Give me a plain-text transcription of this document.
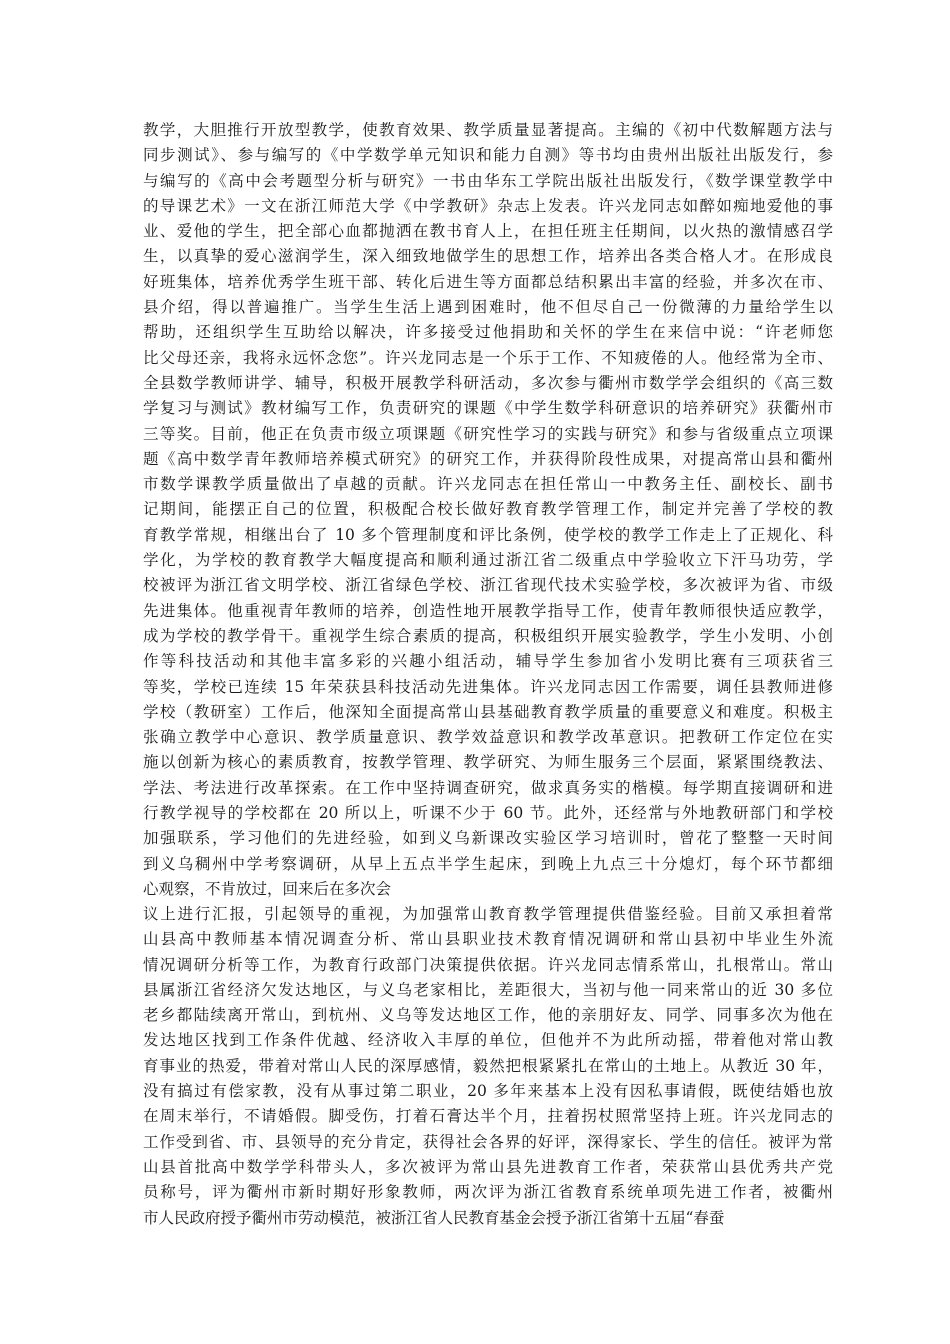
教学，大胆推行开放型教学，使教育效果、教学质量显著提高。主编的《初中代数解题方法与
同步测试》、参与编写的《中学数学单元知识和能力自测》等书均由贵州出版社出版发行，参
与编写的《高中会考题型分析与研究》一书由华东工学院出版社出版发行，《数学课堂教学中
的导课艺术》一文在浙江师范大学《中学教研》杂志上发表。许兴龙同志如醉如痴地爱他的事
业、爱他的学生，把全部心血都抛洒在教书育人上，在担任班主任期间，以火热的激情感召学
生，以真挚的爱心滋润学生，深入细致地做学生的思想工作，培养出各类合格人才。在形成良
好班集体，培养优秀学生班干部、转化后进生等方面都总结积累出丰富的经验，并多次在市、
县介绍，得以普遍推广。当学生生活上遇到困难时，他不但尽自己一份微薄的力量给学生以
帮助，还组织学生互助给以解决，许多接受过他捐助和关怀的学生在来信中说：“许老师您
比父母还亲，我将永远怀念您”。许兴龙同志是一个乐于工作、不知疲倦的人。他经常为全市、
全县数学教师讲学、辅导，积极开展教学科研活动，多次参与衢州市数学学会组织的《高三数
学复习与测试》教材编写工作，负责研究的课题《中学生数学科研意识的培养研究》获衢州市
三等奖。目前，他正在负责市级立项课题《研究性学习的实践与研究》和参与省级重点立项课
题《高中数学青年教师培养模式研究》的研究工作，并获得阶段性成果，对提高常山县和衢州
市数学课教学质量做出了卓越的贡献。许兴龙同志在担任常山一中教务主任、副校长、副书
记期间，能摆正自己的位置，积极配合校长做好教育教学管理工作，制定并完善了学校的教
育教学常规，相继出台了 10 多个管理制度和评比条例，使学校的教学工作走上了正规化、科
学化，为学校的教育教学大幅度提高和顺利通过浙江省二级重点中学验收立下汗马功劳，学
校被评为浙江省文明学校、浙江省绿色学校、浙江省现代技术实验学校，多次被评为省、市级
先进集体。他重视青年教师的培养，创造性地开展教学指导工作，使青年教师很快适应教学，
成为学校的教学骨干。重视学生综合素质的提高，积极组织开展实验教学，学生小发明、小创
作等科技活动和其他丰富多彩的兴趣小组活动，辅导学生参加省小发明比赛有三项获省三
等奖，学校已连续 15 年荣获县科技活动先进集体。许兴龙同志因工作需要，调任县教师进修
学校（教研室）工作后，他深知全面提高常山县基础教育教学质量的重要意义和难度。积极主
张确立教学中心意识、教学质量意识、教学效益意识和教学改革意识。把教研工作定位在实
施以创新为核心的素质教育，按教学管理、教学研究、为师生服务三个层面，紧紧围绕教法、
学法、考法进行改革探索。在工作中坚持调查研究，做求真务实的楷模。每学期直接调研和进
行教学视导的学校都在 20 所以上，听课不少于 60 节。此外，还经常与外地教研部门和学校
加强联系，学习他们的先进经验，如到义乌新课改实验区学习培训时，曾花了整整一天时间
到义乌稠州中学考察调研，从早上五点半学生起床，到晚上九点三十分熄灯，每个环节都细
心观察，不肯放过，回来后在多次会
议上进行汇报，引起领导的重视，为加强常山教育教学管理提供借鉴经验。目前又承担着常
山县高中教师基本情况调查分析、常山县职业技术教育情况调研和常山县初中毕业生外流
情况调研分析等工作，为教育行政部门决策提供依据。许兴龙同志情系常山，扎根常山。常山
县属浙江省经济欠发达地区，与义乌老家相比，差距很大，当初与他一同来常山的近 30 多位
老乡都陆续离开常山，到杭州、义乌等发达地区工作，他的亲朋好友、同学、同事多次为他在
发达地区找到工作条件优越、经济收入丰厚的单位，但他并不为此所动摇，带着他对常山教
育事业的热爱，带着对常山人民的深厚感情，毅然把根紧紧扎在常山的土地上。从教近 30 年，
没有搞过有偿家教，没有从事过第二职业，20 多年来基本上没有因私事请假，既使结婚也放
在周末举行，不请婚假。脚受伤，打着石膏达半个月，拄着拐杖照常坚持上班。许兴龙同志的
工作受到省、市、县领导的充分肯定，获得社会各界的好评，深得家长、学生的信任。被评为常
山县首批高中数学学科带头人，多次被评为常山县先进教育工作者，荣获常山县优秀共产党
员称号，评为衢州市新时期好形象教师，两次评为浙江省教育系统单项先进工作者，被衢州
市人民政府授予衢州市劳动模范，被浙江省人民教育基金会授予浙江省第十五届“春蚕
